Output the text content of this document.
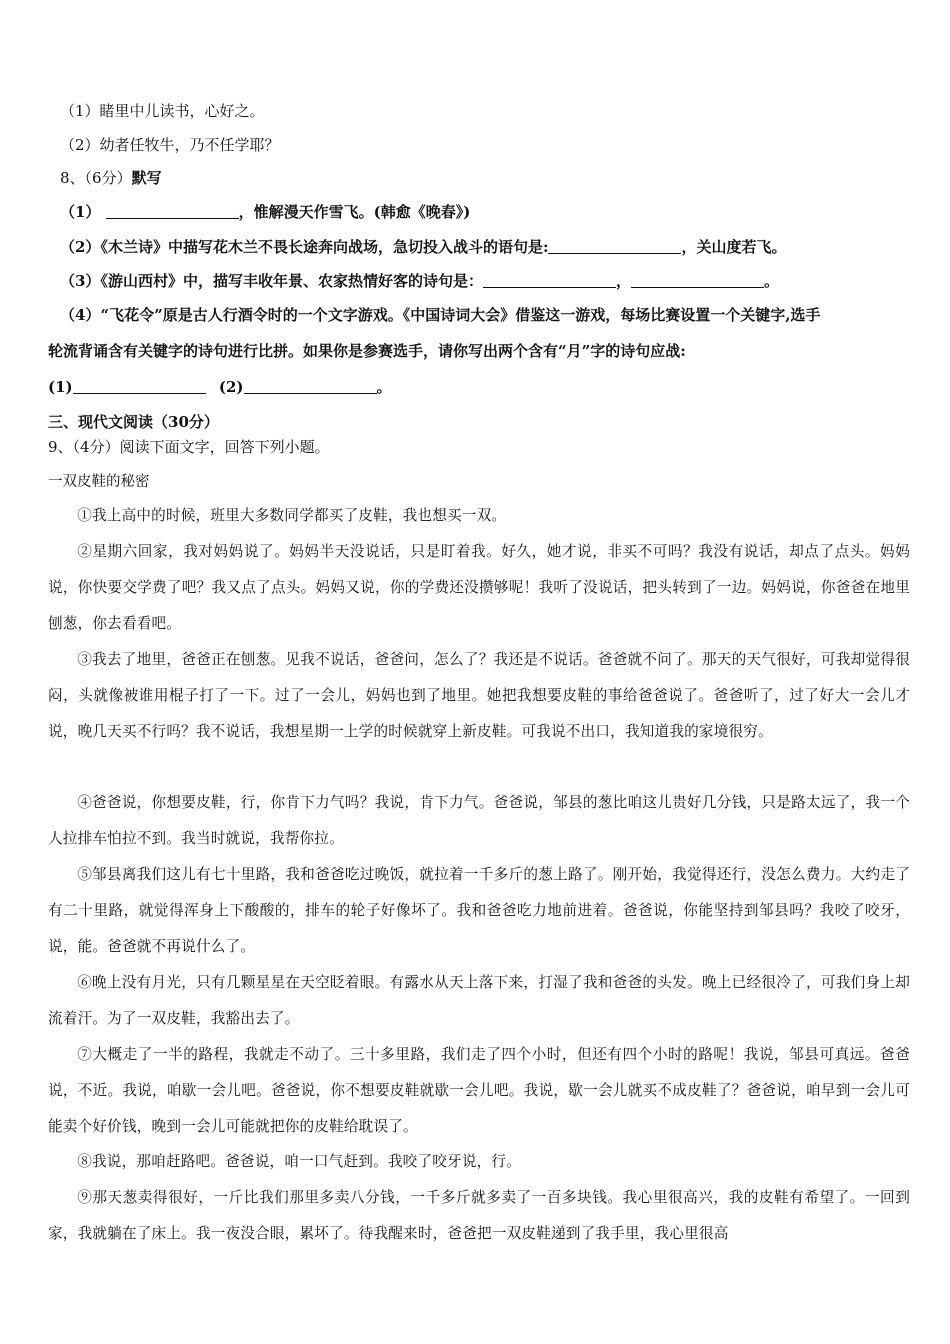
（1）睹里中儿读书，心好之。
（2）幼者任牧牛，乃不任学耶？
8、（6分）默写
（1）	，惟解漫天作雪飞。(韩愈《晚春》)
（2）《木兰诗》中描写花木兰不畏长途奔向战场，急切投入战斗的语句是:	，关山度若飞。
（3）《游山西村》中，描写丰收年景、农家热情好客的诗句是：	，	。
（4）“飞花令”原是古人行酒令时的一个文字游戏。《中国诗词大会》借鉴这一游戏，每场比赛设置一个关键字,选手
轮流背诵含有关键字的诗句进行比拼。如果你是参赛选手，请你写出两个含有“月”字的诗句应战:
(1)	(2)	。
三、现代文阅读（30分）
9、（4分）阅读下面文字，回答下列小题。
一双皮鞋的秘密
①我上高中的时候，班里大多数同学都买了皮鞋，我也想买一双。
②星期六回家，我对妈妈说了。妈妈半天没说话，只是盯着我。好久，她才说，非买不可吗？我没有说话，却点了点头。妈妈说，你快要交学费了吧？我又点了点头。妈妈又说，你的学费还没攒够呢！我听了没说话，把头转到了一边。妈妈说，你爸爸在地里刨葱，你去看看吧。
③我去了地里，爸爸正在刨葱。见我不说话，爸爸问，怎么了？我还是不说话。爸爸就不问了。那天的天气很好，可我却觉得很闷，头就像被谁用棍子打了一下。过了一会儿，妈妈也到了地里。她把我想要皮鞋的事给爸爸说了。爸爸听了，过了好大一会儿才说，晚几天买不行吗？我不说话，我想星期一上学的时候就穿上新皮鞋。可我说不出口，我知道我的家境很穷。
④爸爸说，你想要皮鞋，行，你肯下力气吗？我说，肯下力气。爸爸说，邹县的葱比咱这儿贵好几分钱，只是路太远了，我一个人拉排车怕拉不到。我当时就说，我帮你拉。
⑤邹县离我们这儿有七十里路，我和爸爸吃过晚饭，就拉着一千多斤的葱上路了。刚开始，我觉得还行，没怎么费力。大约走了有二十里路，就觉得浑身上下酸酸的，排车的轮子好像坏了。我和爸爸吃力地前进着。爸爸说，你能坚持到邹县吗？我咬了咬牙，说，能。爸爸就不再说什么了。
⑥晚上没有月光，只有几颗星星在天空眨着眼。有露水从天上落下来，打湿了我和爸爸的头发。晚上已经很冷了，可我们身上却流着汗。为了一双皮鞋，我豁出去了。
⑦大概走了一半的路程，我就走不动了。三十多里路，我们走了四个小时，但还有四个小时的路呢！我说，邹县可真远。爸爸说，不近。我说，咱歇一会儿吧。爸爸说，你不想要皮鞋就歇一会儿吧。我说，歇一会儿就买不成皮鞋了？爸爸说，咱早到一会儿可能卖个好价钱，晚到一会儿可能就把你的皮鞋给耽误了。
⑧我说，那咱赶路吧。爸爸说，咱一口气赶到。我咬了咬牙说，行。
⑨那天葱卖得很好，一斤比我们那里多卖八分钱，一千多斤就多卖了一百多块钱。我心里很高兴，我的皮鞋有希望了。一回到家，我就躺在了床上。我一夜没合眼，累坏了。待我醒来时，爸爸把一双皮鞋递到了我手里，我心里很高
